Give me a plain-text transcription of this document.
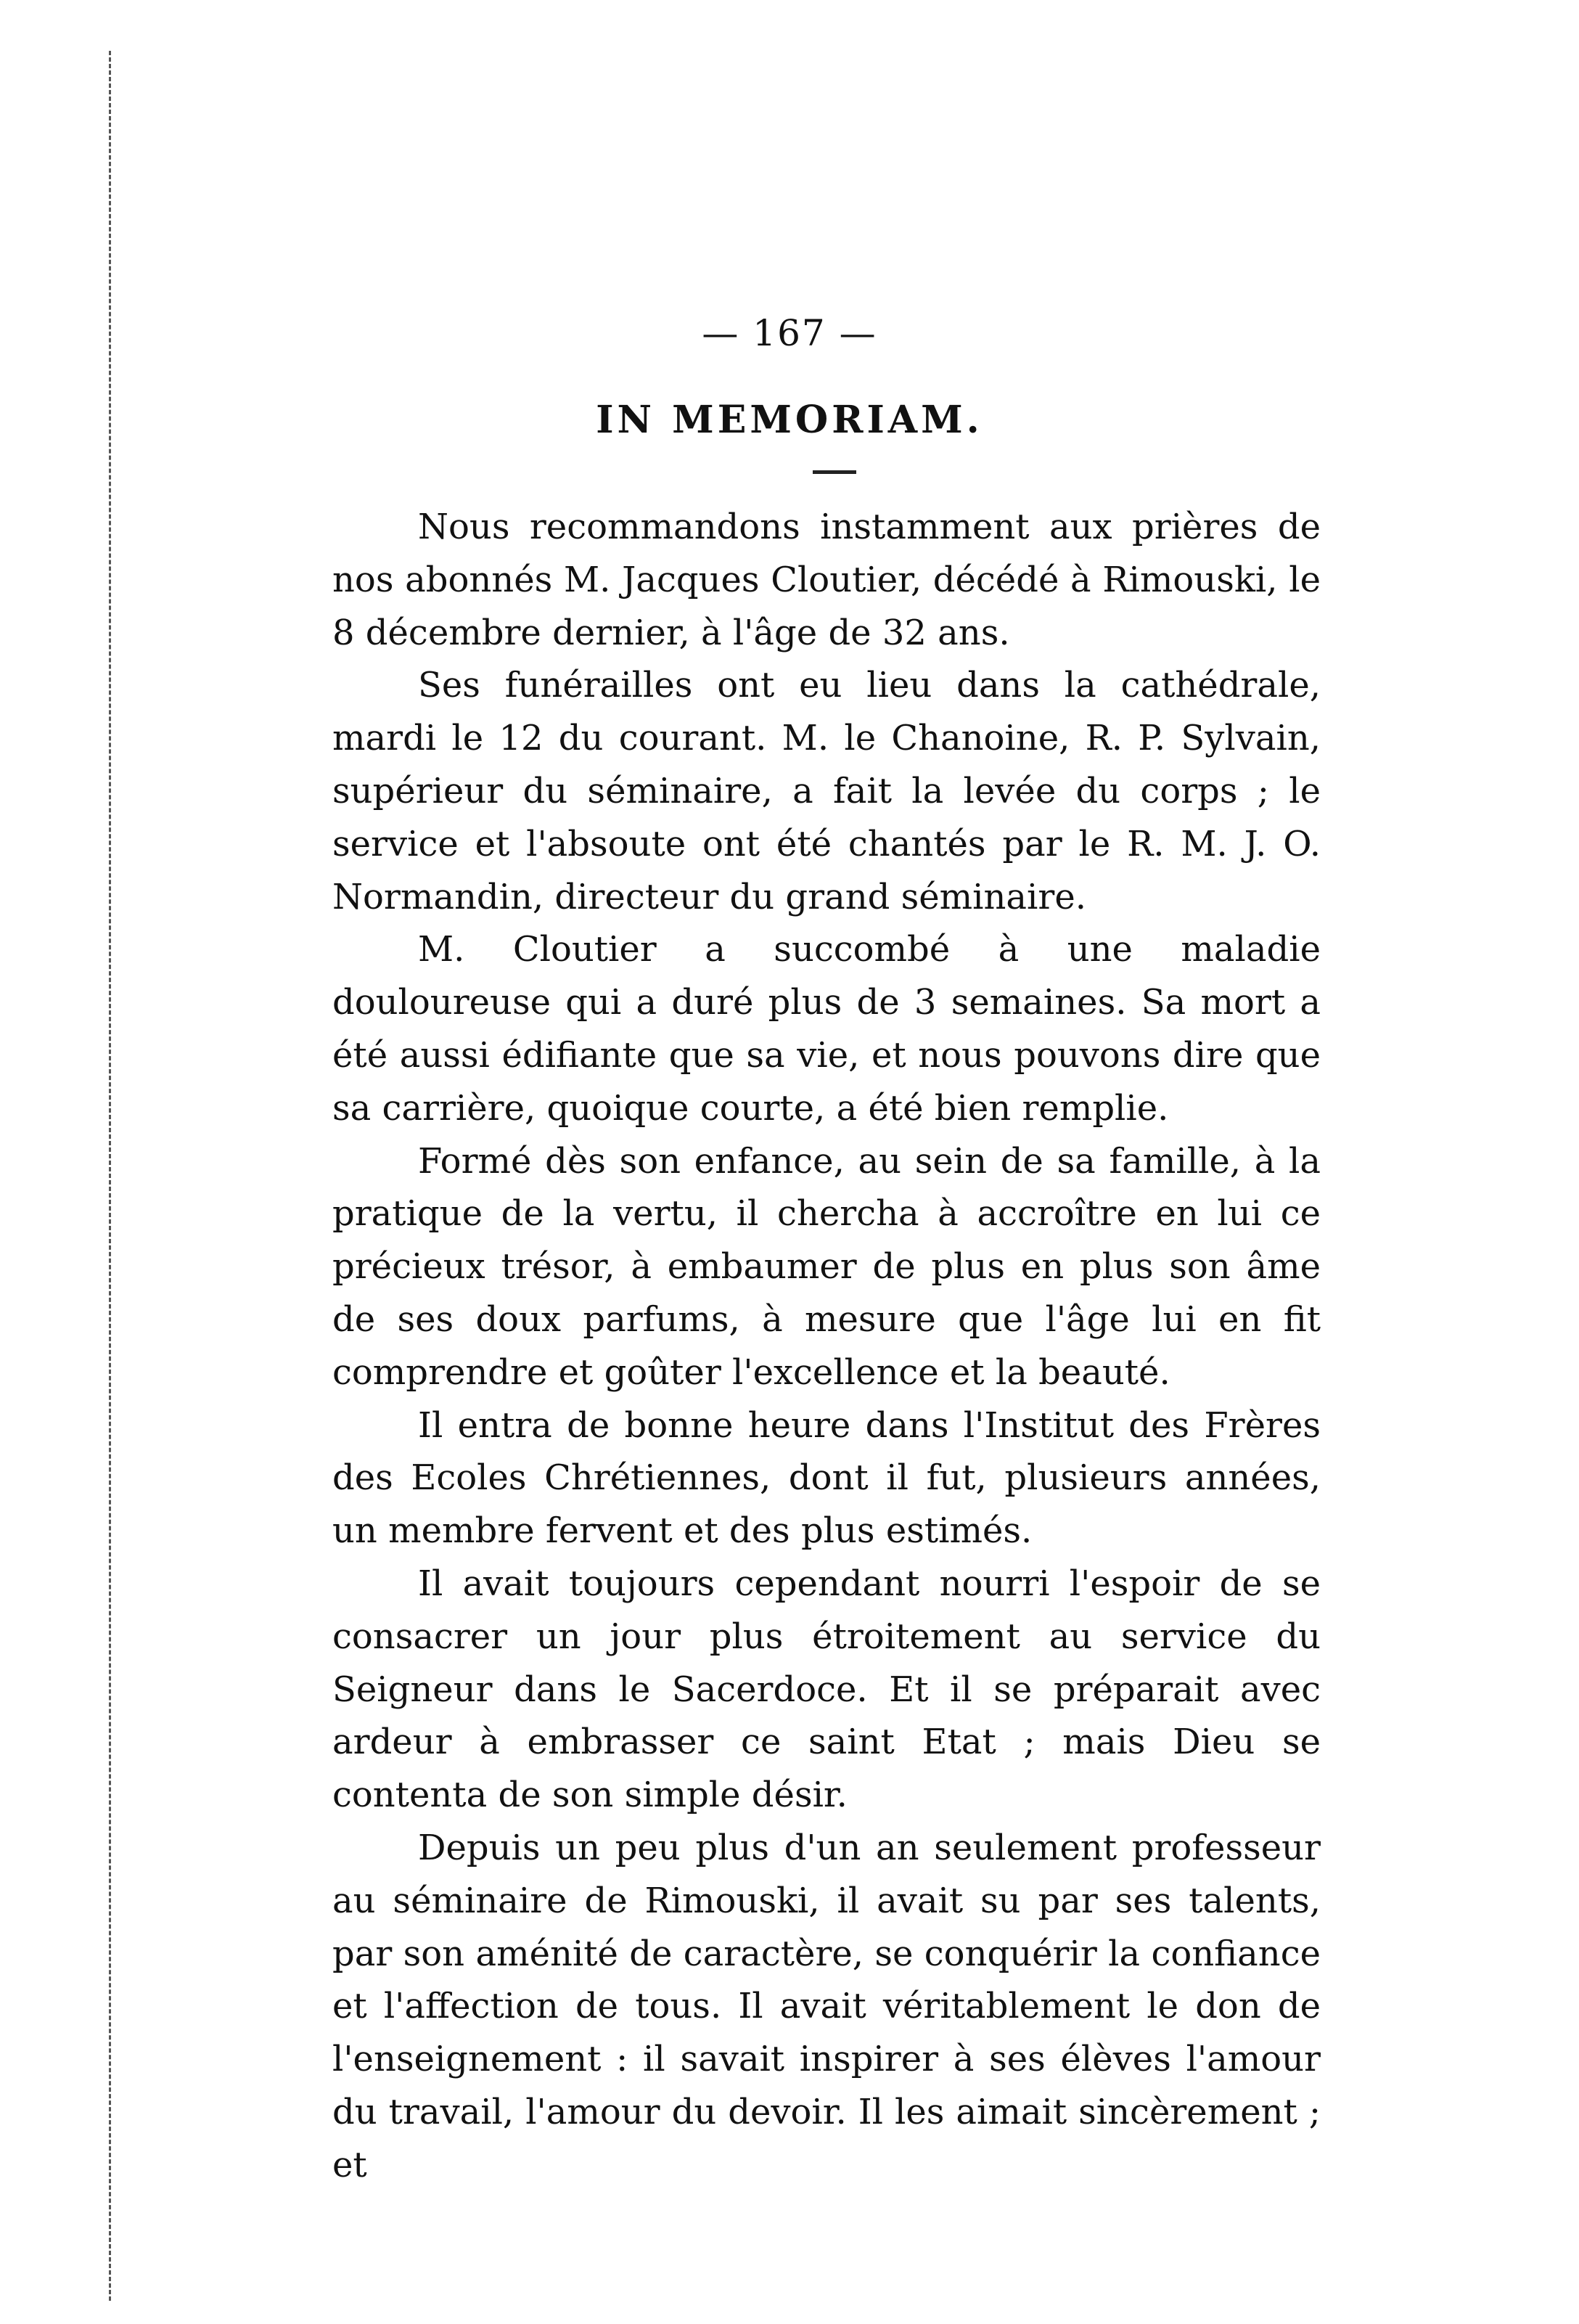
— 167 —
IN MEMORIAM.

Nous recommandons instamment aux prières de nos abonnés M. Jacques Cloutier, décédé à Rimouski, le 8 décembre dernier, à l'âge de 32 ans.

Ses funérailles ont eu lieu dans la cathédrale, mardi le 12 du courant. M. le Chanoine, R. P. Sylvain, supérieur du séminaire, a fait la levée du corps ; le service et l'absoute ont été chantés par le R. M. J. O. Normandin, directeur du grand séminaire.

M. Cloutier a succombé à une maladie douloureuse qui a duré plus de 3 semaines. Sa mort a été aussi édifiante que sa vie, et nous pouvons dire que sa carrière, quoique courte, a été bien remplie.

Formé dès son enfance, au sein de sa famille, à la pratique de la vertu, il chercha à accroître en lui ce précieux trésor, à embaumer de plus en plus son âme de ses doux parfums, à mesure que l'âge lui en fit comprendre et goûter l'excellence et la beauté.

Il entra de bonne heure dans l'Institut des Frères des Ecoles Chrétiennes, dont il fut, plusieurs années, un membre fervent et des plus estimés.

Il avait toujours cependant nourri l'espoir de se consacrer un jour plus étroitement au service du Seigneur dans le Sacerdoce. Et il se préparait avec ardeur à embrasser ce saint Etat ; mais Dieu se contenta de son simple désir.

Depuis un peu plus d'un an seulement professeur au séminaire de Rimouski, il avait su par ses talents, par son aménité de caractère, se conquérir la confiance et l'affection de tous. Il avait véritablement le don de l'enseignement : il savait inspirer à ses élèves l'amour du travail, l'amour du devoir. Il les aimait sincèrement ; et
